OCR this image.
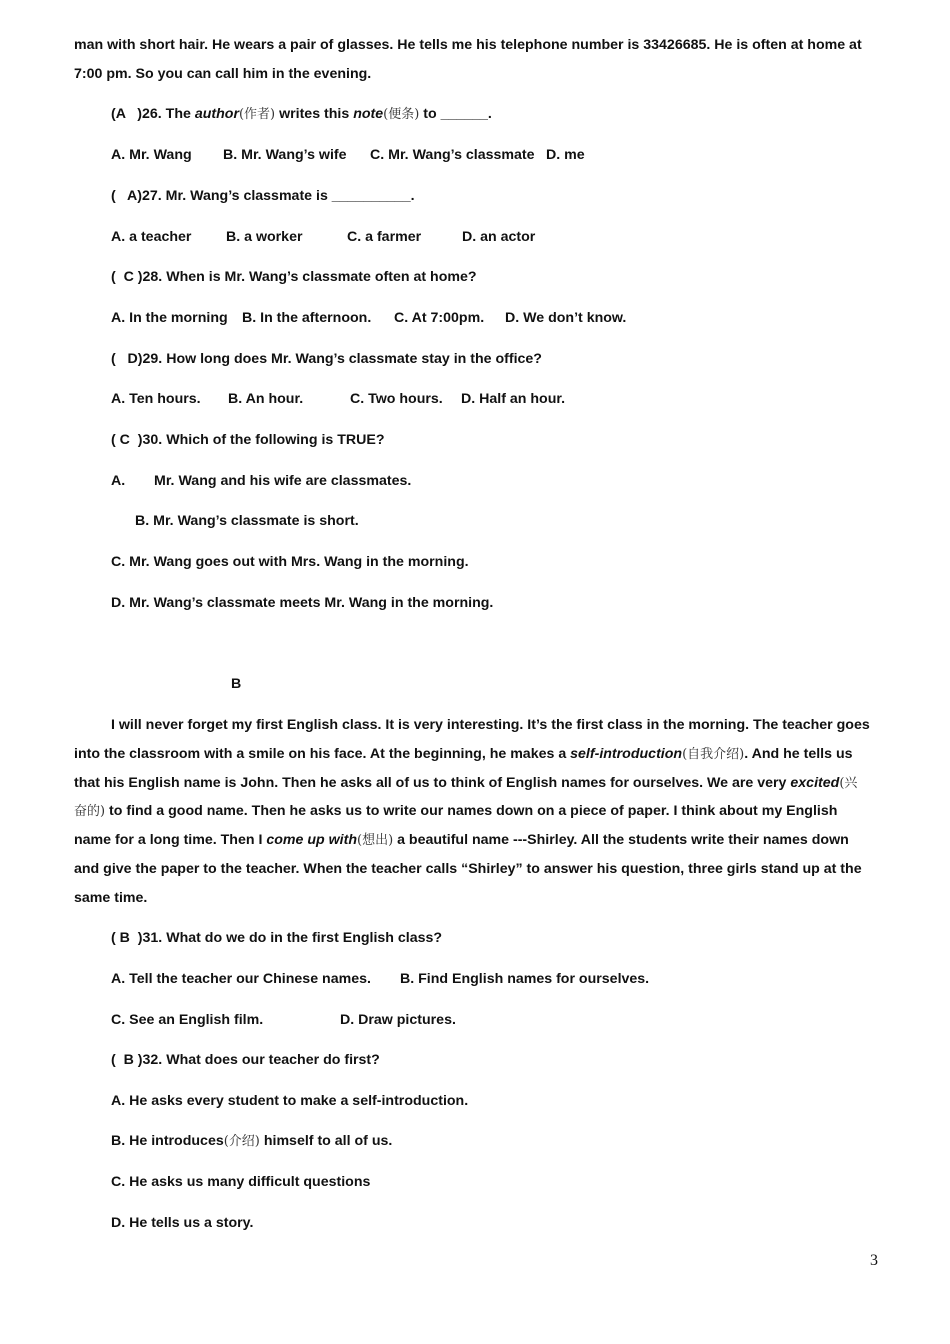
man with short hair. He wears a pair of glasses. He tells me his telephone number is 33426685. He is often at home at
7:00 pm. So you can call him in the evening.
(A   )26. The author(作者) writes this note(便条) to ______.
A. Mr. Wang B. Mr. Wang’s wife C. Mr. Wang’s classmate D. me
(   A)27. Mr. Wang’s classmate is __________.
A. a teacher B. a worker	C. a farmer	D. an actor
(  C )28. When is Mr. Wang’s classmate often at home?
A. In the morning B. In the afternoon. C. At 7:00pm. D. We don’t know.
(   D)29. How long does Mr. Wang’s classmate stay in the office?
A. Ten hours. B. An hour.	C. Two hours. D. Half an hour.
( C  )30. Which of the following is TRUE?
A. Mr. Wang and his wife are classmates.
B. Mr. Wang’s classmate is short.
C. Mr. Wang goes out with Mrs. Wang in the morning.
D. Mr. Wang’s classmate meets Mr. Wang in the morning.
B
I will never forget my first English class. It is very interesting. It’s the first class in the morning. The teacher goes
into the classroom with a smile on his face. At the beginning, he makes a self-introduction(自我介绍). And he tells us
that his English name is John. Then he asks all of us to think of English names for ourselves. We are very excited(兴
奋的) to find a good name. Then he asks us to write our names down on a piece of paper. I think about my English
name for a long time. Then I come up with(想出) a beautiful name ---Shirley. All the students write their names down
and give the paper to the teacher. When the teacher calls “Shirley” to answer his question, three girls stand up at the
same time.
( B  )31. What do we do in the first English class?
A. Tell the teacher our Chinese names. B. Find English names for ourselves.
C. See an English film.	D. Draw pictures.
(  B )32. What does our teacher do first?
A. He asks every student to make a self-introduction.
B. He introduces(介绍) himself to all of us.
C. He asks us many difficult questions
D. He tells us a story.
3
